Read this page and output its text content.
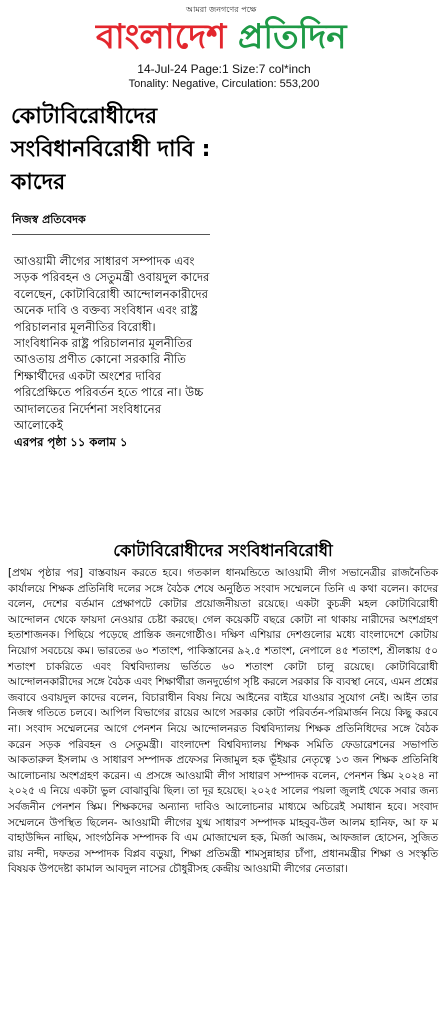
আমরা জনগণের পক্ষে
বাংলাদেশ প্রতিদিন
14-Jul-24 Page:1 Size:7 col*inch
Tonality: Negative, Circulation: 553,200
কোটাবিরোধীদের সংবিধানবিরোধী দাবি : কাদের
নিজস্ব প্রতিবেদক

আওয়ামী লীগের সাধারণ সম্পাদক এবং সড়ক পরিবহন ও সেতুমন্ত্রী ওবায়দুল কাদের বলেছেন, কোটাবিরোধী আন্দোলনকারীদের অনেক দাবি ও বক্তব্য সংবিধান এবং রাষ্ট্র পরিচালনার মূলনীতির বিরোধী। সাংবিধানিক রাষ্ট্র পরিচালনার মূলনীতির আওতায় প্রণীত কোনো সরকারি নীতি শিক্ষার্থীদের একটা অংশের দাবির পরিপ্রেক্ষিতে পরিবর্তন হতে পারে না। উচ্চ আদালতের নির্দেশনা সংবিধানের আলোকেই

এরপর পৃষ্ঠা ১১ কলাম ১
কোটাবিরোধীদের সংবিধানবিরোধী

[প্রথম পৃষ্ঠার পর] বাস্তবায়ন করতে হবে। গতকাল ধানমন্ডিতে আওয়ামী লীগ সভানেত্রীর রাজনৈতিক কার্যালয়ে শিক্ষক প্রতিনিধি দলের সঙ্গে বৈঠক শেষে অনুষ্ঠিত সংবাদ সম্মেলনে তিনি এ কথা বলেন। কাদের বলেন, দেশের বর্তমান প্রেক্ষাপটে কোটার প্রয়োজনীয়তা রয়েছে। একটা কুচক্রী মহল কোটাবিরোধী আন্দোলন থেকে ফায়দা নেওয়ার চেষ্টা করছে। গেল কয়েকটি বছরে কোটা না থাকায় নারীদের অংশগ্রহণ হতাশাজনক। পিছিয়ে পড়েছে প্রান্তিক জনগোষ্ঠীও। দক্ষিণ এশিয়ার দেশগুলোর মধ্যে বাংলাদেশে কোটায় নিয়োগ সবচেয়ে কম। ভারতের ৬০ শতাংশ, পাকিস্তানের ৯২.৫ শতাংশ, নেপালে ৪৫ শতাংশ, শ্রীলঙ্কায় ৫০ শতাংশ চাকরিতে এবং বিশ্ববিদ্যালয় ভর্তিতে ৬০ শতাংশ কোটা চালু রয়েছে। কোটাবিরোধী আন্দোলনকারীদের সঙ্গে বৈঠক এবং শিক্ষার্থীরা জনদুর্ভোগ সৃষ্টি করলে সরকার কি ব্যবস্থা নেবে, এমন প্রশ্নের জবাবে ওবায়দুল কাদের বলেন, বিচারাধীন বিষয় নিয়ে আইনের বাইরে যাওয়ার সুযোগ নেই। আইন তার নিজস্ব গতিতে চলবে। আপিল বিভাগের রায়ের আগে সরকার কোটা পরিবর্তন-পরিমার্জন নিয়ে কিছু করবে না। সংবাদ সম্মেলনের আগে পেনশন নিয়ে আন্দোলনরত বিশ্ববিদ্যালয় শিক্ষক প্রতিনিধিদের সঙ্গে বৈঠক করেন সড়ক পরিবহন ও সেতুমন্ত্রী। বাংলাদেশ বিশ্ববিদ্যালয় শিক্ষক সমিতি ফেডারেশনের সভাপতি আকতারুল ইসলাম ও সাধারণ সম্পাদক প্রফেসর নিজামুল হক ভূঁইয়ার নেতৃত্বে ১৩ জন শিক্ষক প্রতিনিধি আলোচনায় অংশগ্রহণ করেন। এ প্রসঙ্গে আওয়ামী লীগ সাধারণ সম্পাদক বলেন, পেনশন স্কিম ২০২৪ না ২০২৫ এ নিয়ে একটা ভুল বোঝাবুঝি ছিল। তা দূর হয়েছে। ২০২৫ সালের পয়লা জুলাই থেকে সবার জন্য সর্বজনীন পেনশন স্কিম। শিক্ষকদের অন্যান্য দাবিও আলোচনার মাধ্যমে অচিরেই সমাধান হবে। সংবাদ সম্মেলনে উপস্থিত ছিলেন- আওয়ামী লীগের যুগ্ম সাধারণ সম্পাদক মাহবুব-উল আলম হানিফ, আ ফ ম বাহাউদ্দিন নাছিম, সাংগঠনিক সম্পাদক বি এম মোজাম্মেল হক, মির্জা আজম, আফজাল হোসেন, সুজিত রায় নন্দী, দফতর সম্পাদক বিপ্লব বড়ুয়া, শিক্ষা প্রতিমন্ত্রী শামসুন্নাহার চাঁপা, প্রধানমন্ত্রীর শিক্ষা ও সংস্কৃতি বিষয়ক উপদেষ্টা কামাল আবদুল নাসের চৌধুরীসহ কেন্দ্রীয় আওয়ামী লীগের নেতারা।
